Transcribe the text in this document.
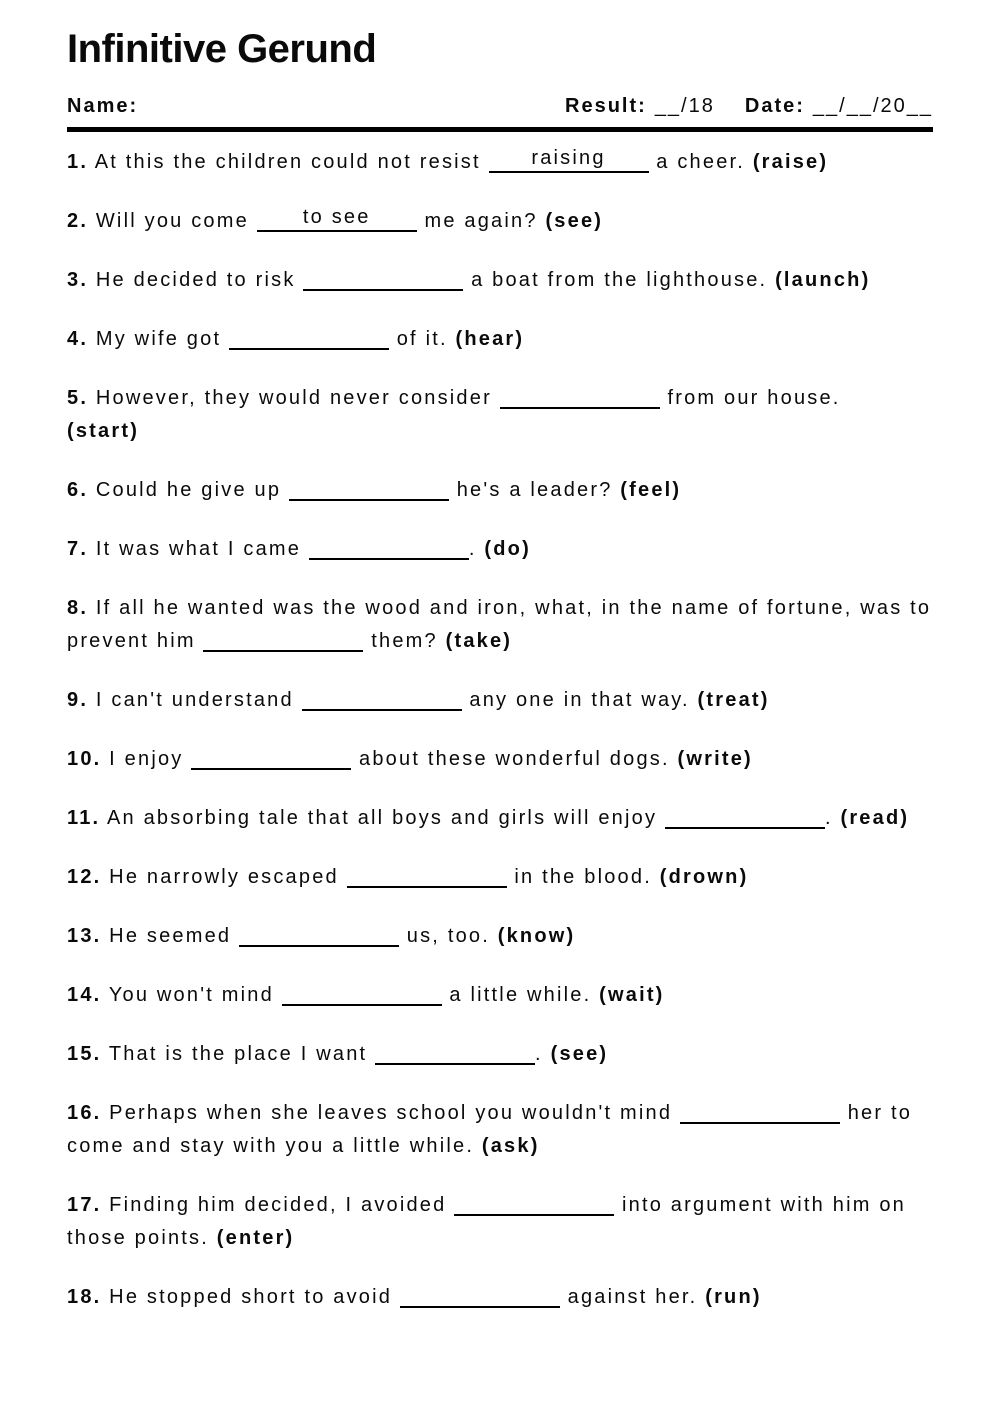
Infinitive Gerund
Name:	Result: __/18 Date: __/__/20__

1. At this the children could not resist	raising	a cheer. (raise)

2. Will you come	to see	me again? (see)

3. He decided to risk	a boat from the lighthouse. (launch)

4. My wife got	of it. (hear)

5. However, they would never consider	from our house.
(start)

6. Could he give up	he's a leader? (feel)

7. It was what I came	. (do)

8. If all he wanted was the wood and iron, what, in the name of fortune, was to
prevent him	them? (take)

9. I can't understand	any one in that way. (treat)

10. I enjoy	about these wonderful dogs. (write)

11. An absorbing tale that all boys and girls will enjoy	. (read)

12. He narrowly escaped	in the blood. (drown)

13. He seemed	us, too. (know)

14. You won't mind	a little while. (wait)

15. That is the place I want	. (see)

16. Perhaps when she leaves school you wouldn't mind	her to
come and stay with you a little while. (ask)

17. Finding him decided, I avoided	into argument with him on
those points. (enter)

18. He stopped short to avoid	against her. (run)
